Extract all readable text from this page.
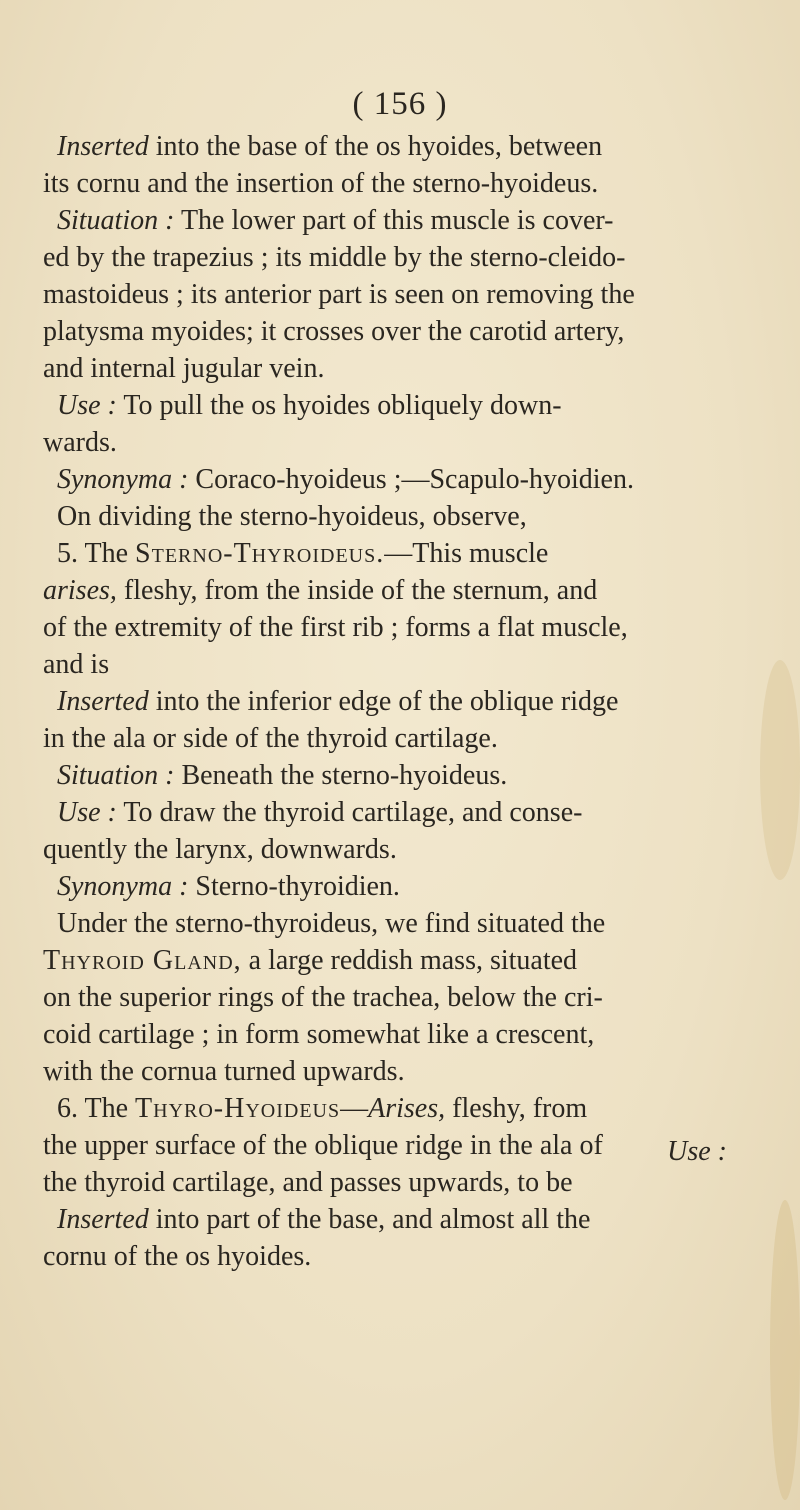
( 156 )
Inserted into the base of the os hyoides, between
its cornu and the insertion of the sterno-hyoideus.
Situation : The lower part of this muscle is cover-
ed by the trapezius ; its middle by the sterno-cleido-
mastoideus ; its anterior part is seen on removing the
platysma myoides; it crosses over the carotid artery,
and internal jugular vein.
Use : To pull the os hyoides obliquely down-
wards.
Synonyma : Coraco-hyoideus ;—Scapulo-hyoidien.
On dividing the sterno-hyoideus, observe,
5. The Sterno-Thyroideus.—This muscle
arises, fleshy, from the inside of the sternum, and
of the extremity of the first rib ; forms a flat muscle,
and is
Inserted into the inferior edge of the oblique ridge
in the ala or side of the thyroid cartilage.
Situation : Beneath the sterno-hyoideus.
Use : To draw the thyroid cartilage, and conse-
quently the larynx, downwards.
Synonyma : Sterno-thyroidien.
Under the sterno-thyroideus, we find situated the
Thyroid Gland, a large reddish mass, situated
on the superior rings of the trachea, below the cri-
coid cartilage ; in form somewhat like a crescent,
with the cornua turned upwards.
6. The Thyro-Hyoideus—Arises, fleshy, from
the upper surface of the oblique ridge in the ala of
the thyroid cartilage, and passes upwards, to be
Inserted into part of the base, and almost all the
cornu of the os hyoides.
Use :
